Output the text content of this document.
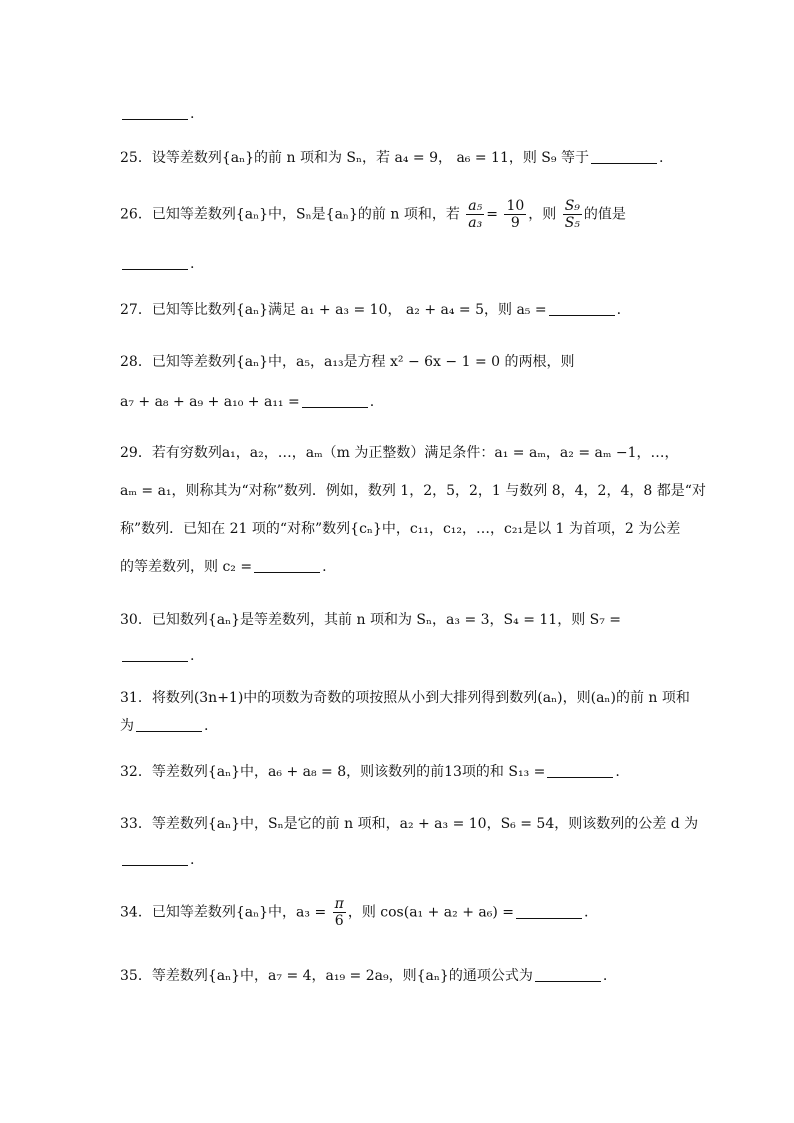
.
25．设等差数列{aₙ}的前 n 项和为 Sₙ，若 a₄ = 9， a₆ = 11，则 S₉ 等于	.
26．已知等差数列{aₙ}中，Sₙ是{aₙ}的前 n 项和，若 $\frac{\text{a₅}}{\text{a₃}} = \frac{10}{9}$ ，则 $\frac{\text{S₉}}{\text{S₅}}$ 的值是
.
27．已知等比数列{aₙ}满足 a₁ + a₃ = 10， a₂ + a₄ = 5，则 a₅ =	.
28．已知等差数列{aₙ}中，a₅，a₁₃是方程 x² − 6x − 1 = 0 的两根，则
a₇ + a₈ + a₉ + a₁₀ + a₁₁ =	.
29．若有穷数列a₁，a₂，…，aₘ（m 为正整数）满足条件：a₁ = aₘ，a₂ = aₘ −1，…，
aₘ = a₁，则称其为“对称”数列．例如，数列 1，2，5，2，1 与数列 8，4，2，4，8 都是“对
称”数列．已知在 21 项的“对称”数列{cₙ}中，c₁₁，c₁₂，…，c₂₁是以 1 为首项，2 为公差
的等差数列，则 c₂ =	.
30．已知数列{aₙ}是等差数列，其前 n 项和为 Sₙ，a₃ = 3，S₄ = 11，则 S₇ =
.
31．将数列(3n+1)中的项数为奇数的项按照从小到大排列得到数列(aₙ)，则(aₙ)的前 n 项和
为	.
32．等差数列{aₙ}中，a₆ + a₈ = 8，则该数列的前13项的和 S₁₃ =	.
33．等差数列{aₙ}中，Sₙ是它的前 n 项和，a₂ + a₃ = 10，S₆ = 54，则该数列的公差 d 为
.
34．已知等差数列{aₙ}中，$a_3 = \frac{\pi}{6}$ ，则 cos(a₁ + a₂ + a₆) =	.
35．等差数列{aₙ}中，a₇ = 4，a₁₉ = 2a₉，则{aₙ}的通项公式为	.
